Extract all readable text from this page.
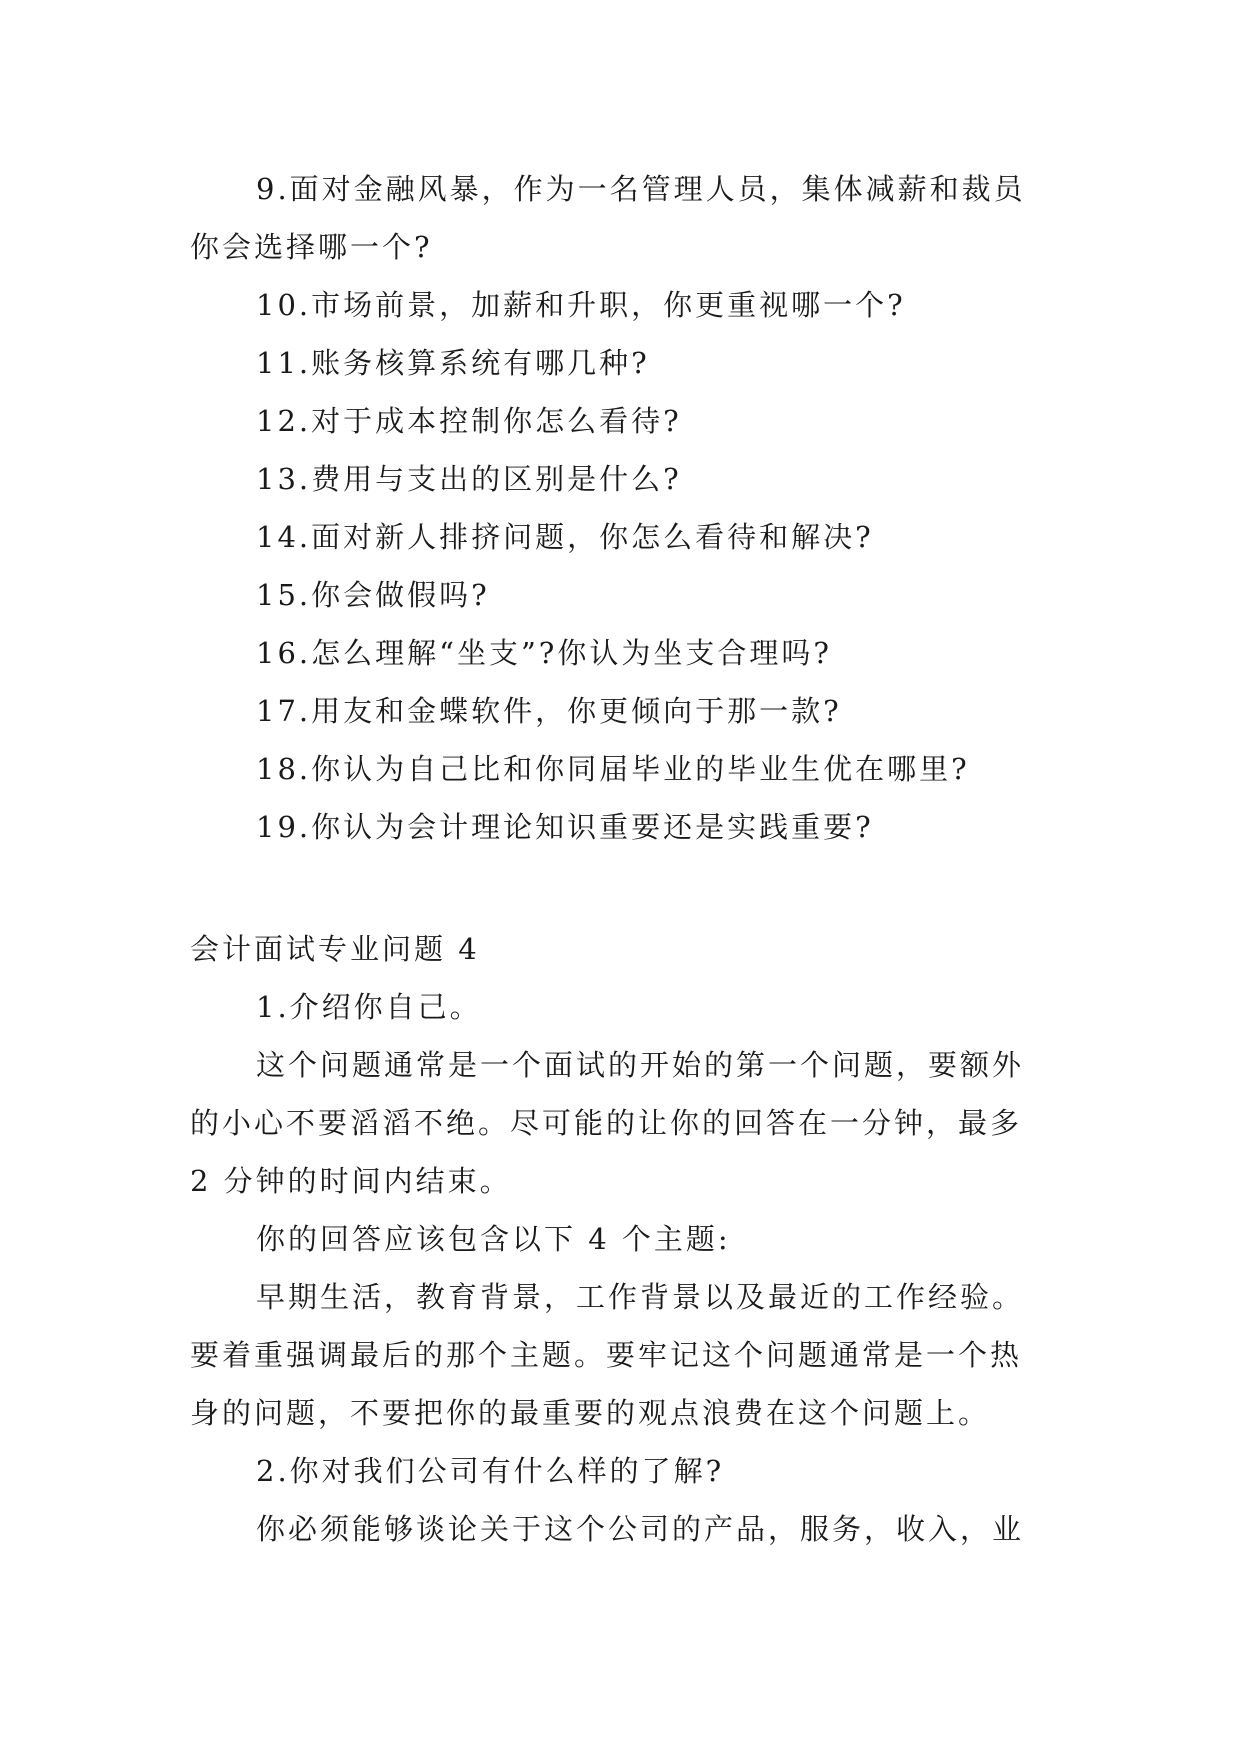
9.面对金融风暴，作为一名管理人员，集体减薪和裁员你会选择哪一个?

10.市场前景，加薪和升职，你更重视哪一个?

11.账务核算系统有哪几种?

12.对于成本控制你怎么看待?

13.费用与支出的区别是什么?

14.面对新人排挤问题，你怎么看待和解决?

15.你会做假吗?

16.怎么理解“坐支”?你认为坐支合理吗?

17.用友和金蝶软件，你更倾向于那一款?

18.你认为自己比和你同届毕业的毕业生优在哪里?

19.你认为会计理论知识重要还是实践重要?

会计面试专业问题 4

1.介绍你自己。

这个问题通常是一个面试的开始的第一个问题，要额外的小心不要滔滔不绝。尽可能的让你的回答在一分钟，最多 2 分钟的时间内结束。

你的回答应该包含以下 4 个主题:

早期生活，教育背景，工作背景以及最近的工作经验。要着重强调最后的那个主题。要牢记这个问题通常是一个热身的问题，不要把你的最重要的观点浪费在这个问题上。

2.你对我们公司有什么样的了解?

你必须能够谈论关于这个公司的产品，服务，收入，业
